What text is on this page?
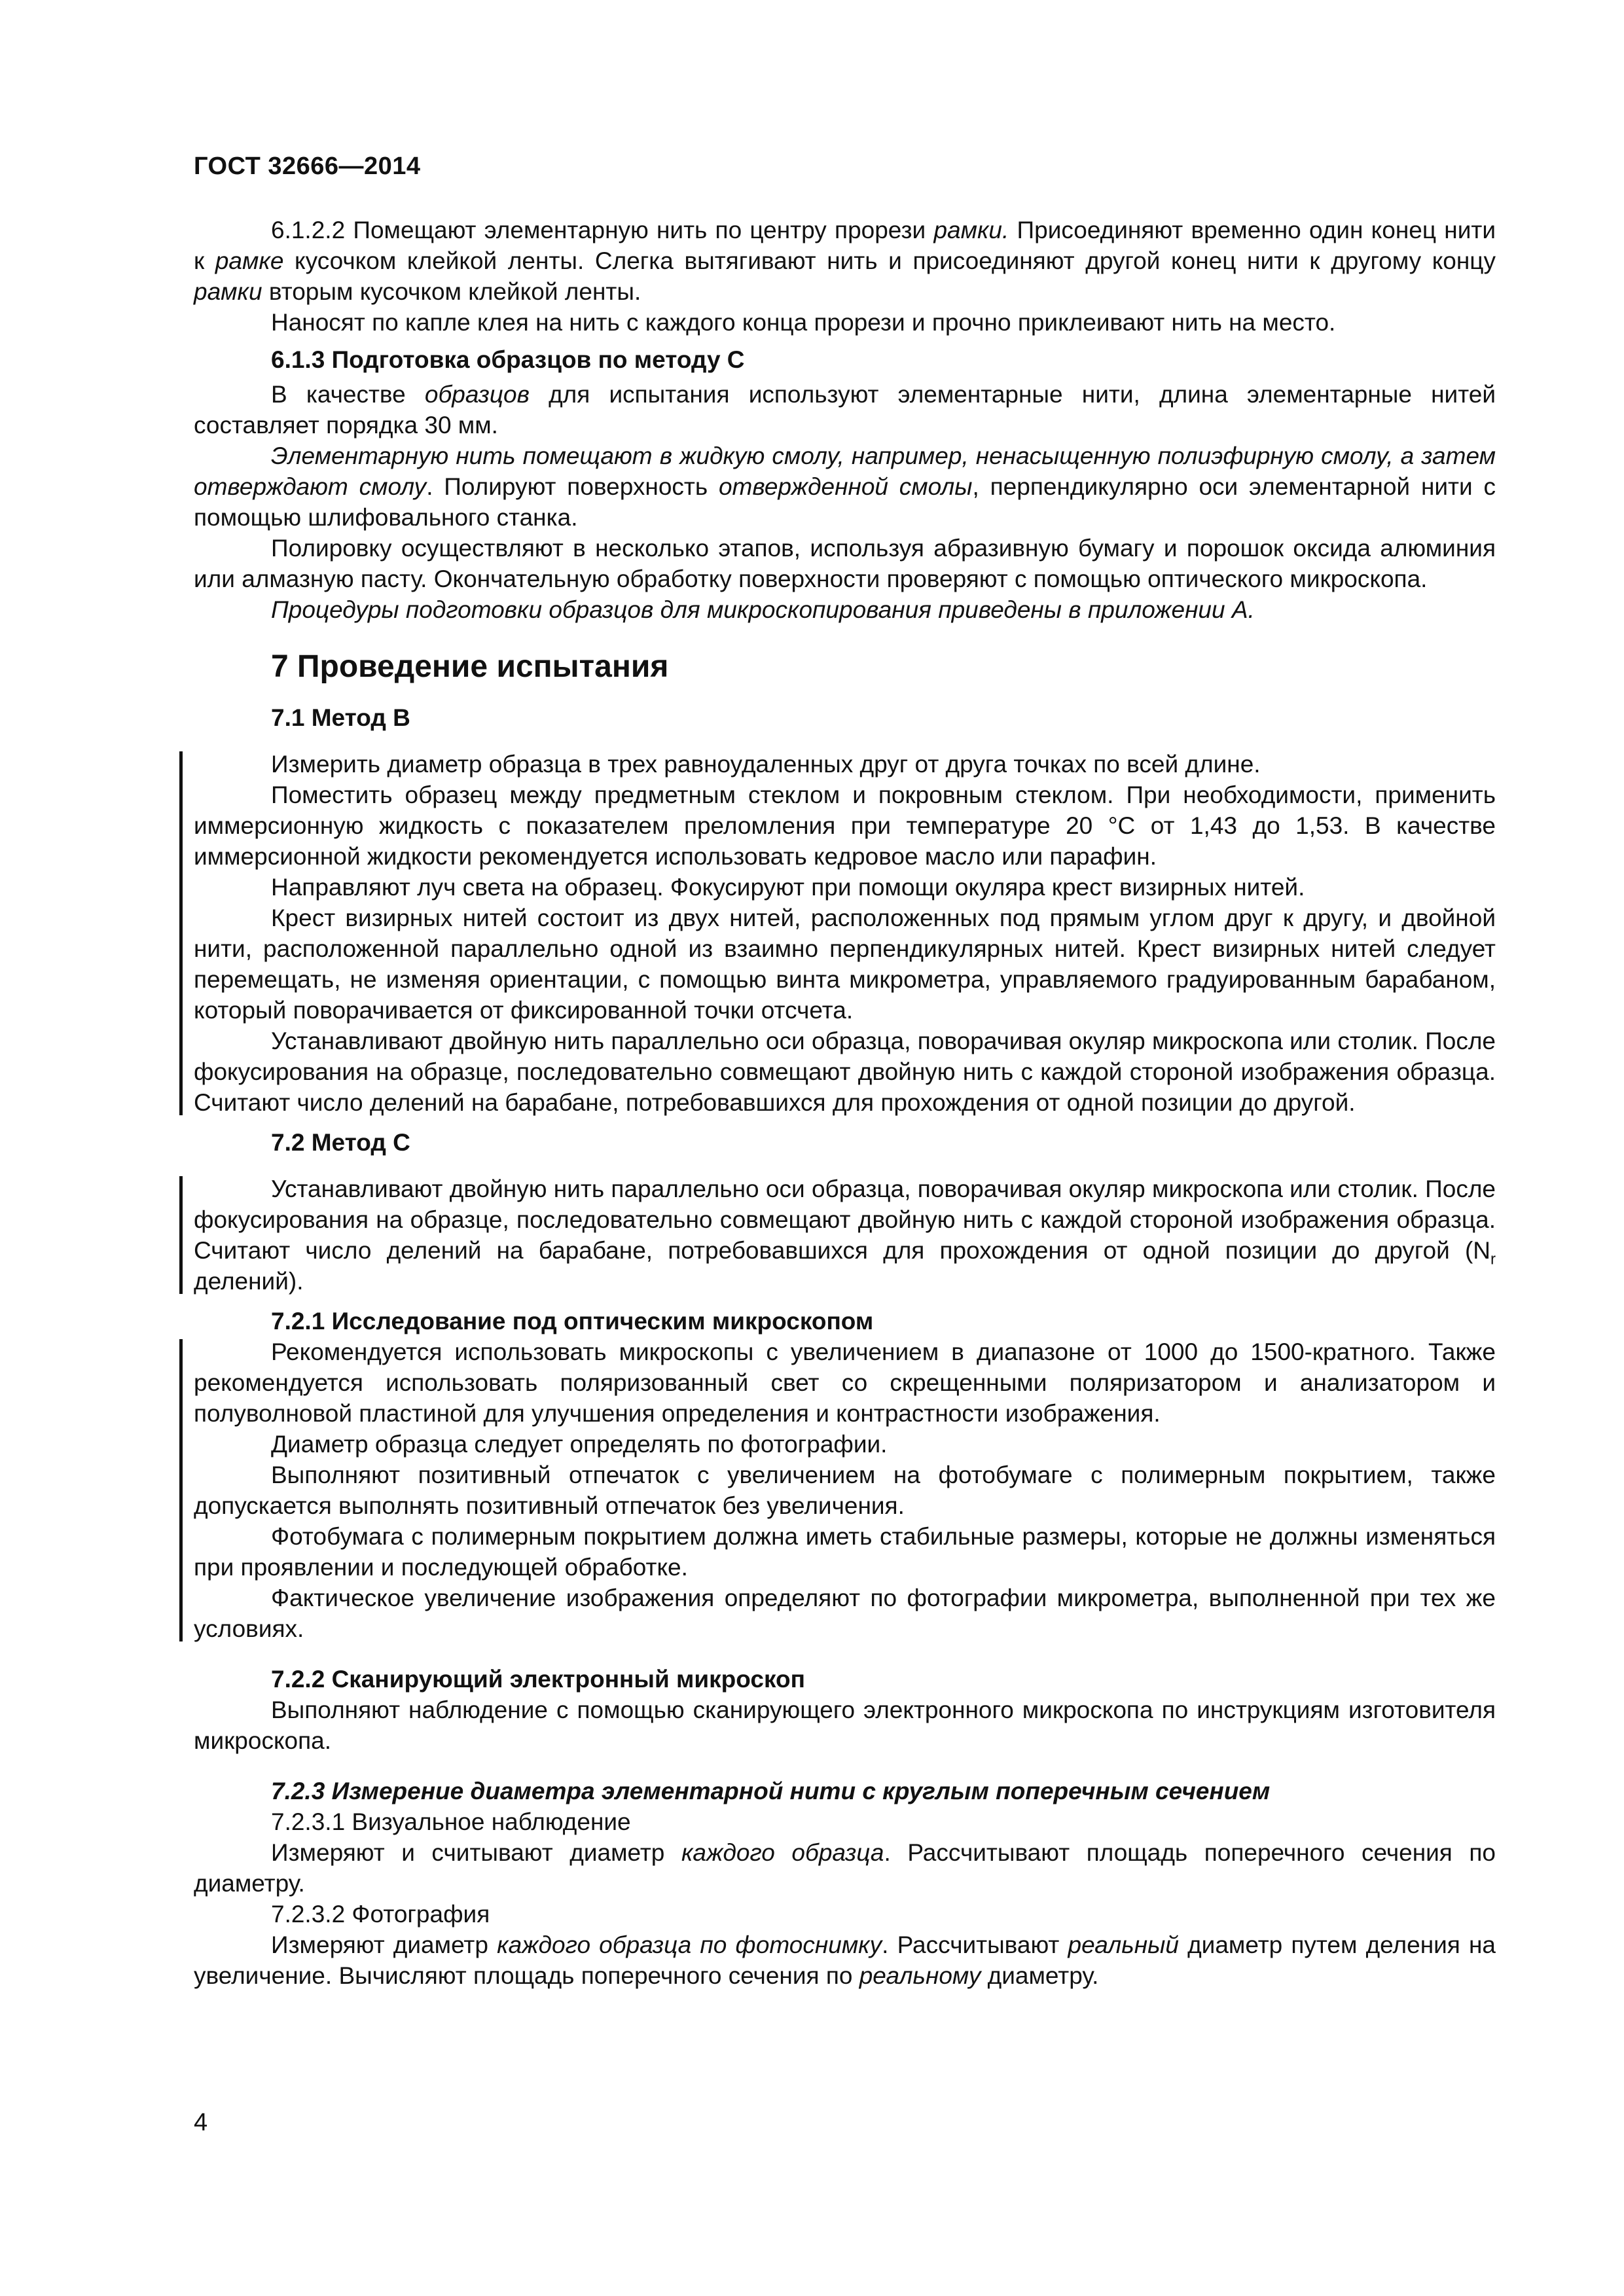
ГОСТ 32666—2014

6.1.2.2 Помещают элементарную нить по центру прорези рамки. Присоединяют временно один конец нити к рамке кусочком клейкой ленты. Слегка вытягивают нить и присоединяют другой конец нити к другому концу рамки вторым кусочком клейкой ленты.

Наносят по капле клея на нить с каждого конца прорези и прочно приклеивают нить на место.

6.1.3 Подготовка образцов по методу С

В качестве образцов для испытания используют элементарные нити, длина элементарные нитей составляет порядка 30 мм.

Элементарную нить помещают в жидкую смолу, например, ненасыщенную полиэфирную смолу, а затем отверждают смолу. Полируют поверхность отвержденной смолы, перпендикулярно оси элементарной нити с помощью шлифовального станка.

Полировку осуществляют в несколько этапов, используя абразивную бумагу и порошок оксида алюминия или алмазную пасту. Окончательную обработку поверхности проверяют с помощью оптического микроскопа.

Процедуры подготовки образцов для микроскопирования приведены в приложении А.

7 Проведение испытания
7.1 Метод В

Измерить диаметр образца в трех равноудаленных друг от друга точках по всей длине.

Поместить образец между предметным стеклом и покровным стеклом. При необходимости, применить иммерсионную жидкость с показателем преломления при температуре 20 °С от 1,43 до 1,53. В качестве иммерсионной жидкости рекомендуется использовать кедровое масло или парафин.

Направляют луч света на образец. Фокусируют при помощи окуляра крест визирных нитей.

Крест визирных нитей состоит из двух нитей, расположенных под прямым углом друг к другу, и двойной нити, расположенной параллельно одной из взаимно перпендикулярных нитей. Крест визирных нитей следует перемещать, не изменяя ориентации, с помощью винта микрометра, управляемого градуированным барабаном, который поворачивается от фиксированной точки отсчета.

Устанавливают двойную нить параллельно оси образца, поворачивая окуляр микроскопа или столик. После фокусирования на образце, последовательно совмещают двойную нить с каждой стороной изображения образца. Считают число делений на барабане, потребовавшихся для прохождения от одной позиции до другой.

7.2 Метод С

Устанавливают двойную нить параллельно оси образца, поворачивая окуляр микроскопа или столик. После фокусирования на образце, последовательно совмещают двойную нить с каждой стороной изображения образца. Считают число делений на барабане, потребовавшихся для прохождения от одной позиции до другой ($N_r$ делений).

7.2.1 Исследование под оптическим микроскопом

Рекомендуется использовать микроскопы с увеличением в диапазоне от 1000 до 1500-кратного. Также рекомендуется использовать поляризованный свет со скрещенными поляризатором и анализатором и полуволновой пластиной для улучшения определения и контрастности изображения.

Диаметр образца следует определять по фотографии.

Выполняют позитивный отпечаток с увеличением на фотобумаге с полимерным покрытием, также допускается выполнять позитивный отпечаток без увеличения.

Фотобумага с полимерным покрытием должна иметь стабильные размеры, которые не должны изменяться при проявлении и последующей обработке.

Фактическое увеличение изображения определяют по фотографии микрометра, выполненной при тех же условиях.

7.2.2 Сканирующий электронный микроскоп

Выполняют наблюдение с помощью сканирующего электронного микроскопа по инструкциям изготовителя микроскопа.

7.2.3 Измерение диаметра элементарной нити с круглым поперечным сечением

7.2.3.1 Визуальное наблюдение

Измеряют и считывают диаметр каждого образца. Рассчитывают площадь поперечного сечения по диаметру.

7.2.3.2 Фотография

Измеряют диаметр каждого образца по фотоснимку. Рассчитывают реальный диаметр путем деления на увеличение. Вычисляют площадь поперечного сечения по реальному диаметру.

4
